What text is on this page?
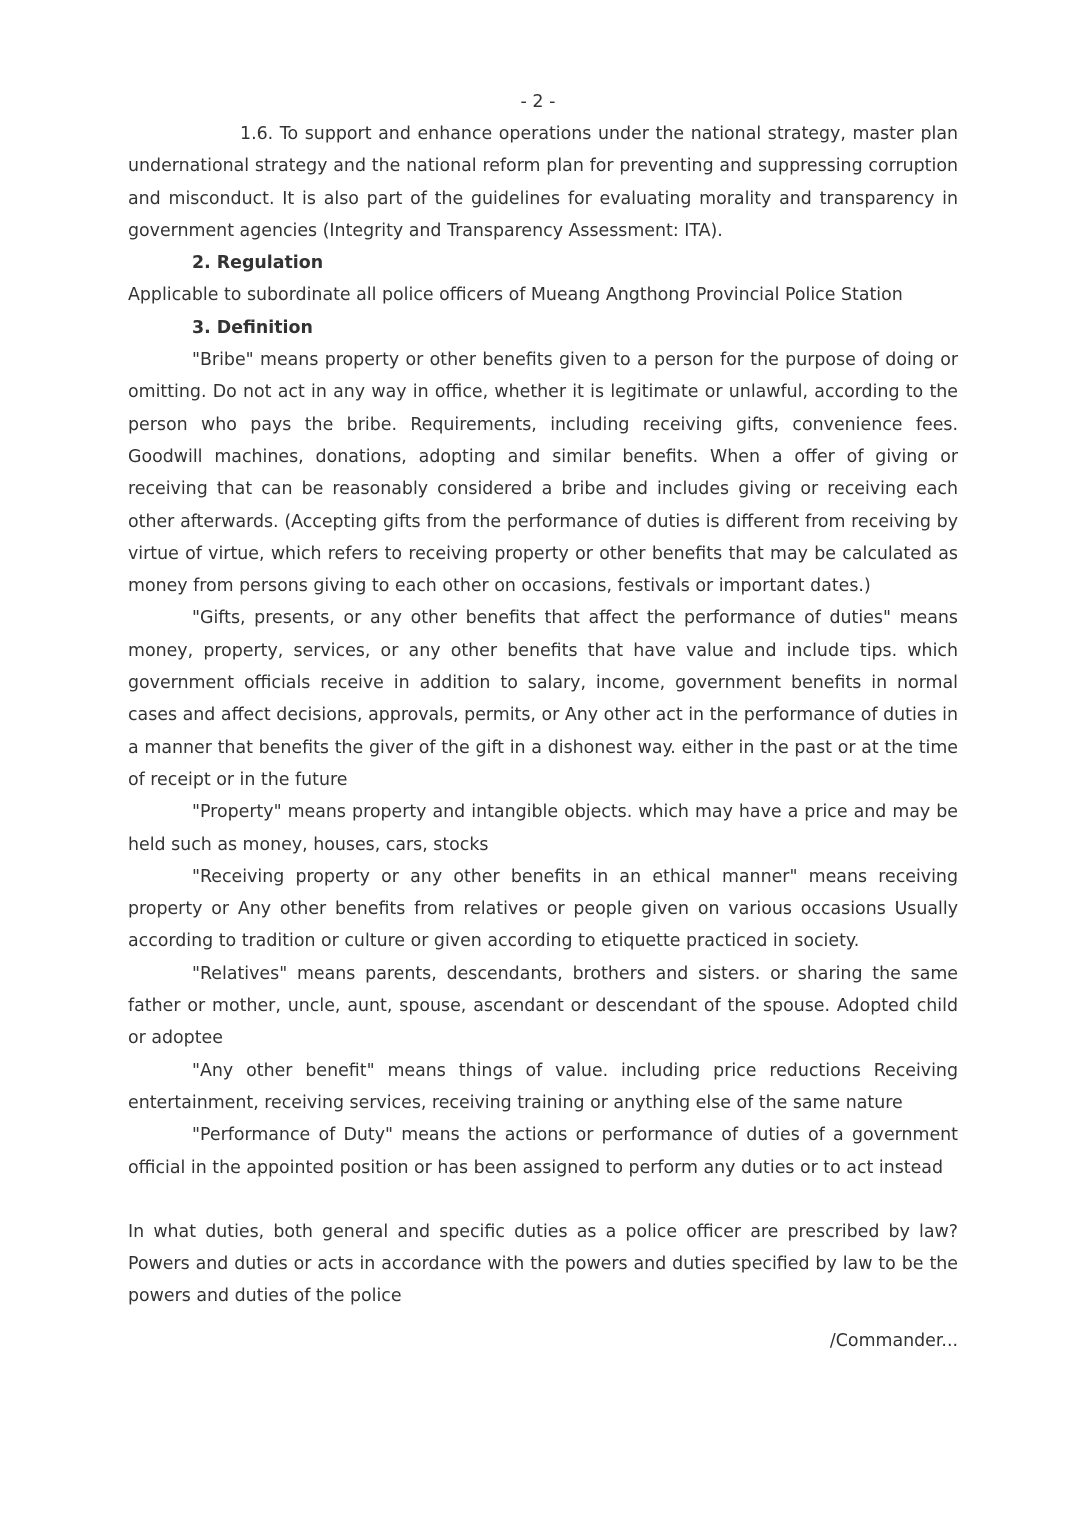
- 2 -

1.6. To support and enhance operations under the national strategy, master plan undernational strategy and the national reform plan for preventing and suppressing corruption and misconduct. It is also part of the guidelines for evaluating morality and transparency in government agencies (Integrity and Transparency Assessment: ITA).

2. Regulation

Applicable to subordinate all police officers of Mueang Angthong Provincial Police Station

3. Definition

"Bribe" means property or other benefits given to a person for the purpose of doing or omitting. Do not act in any way in office, whether it is legitimate or unlawful, according to the person who pays the bribe. Requirements, including receiving gifts, convenience fees. Goodwill machines, donations, adopting and similar benefits. When a offer of giving or receiving that can be reasonably considered a bribe and includes giving or receiving each other afterwards. (Accepting gifts from the performance of duties is different from receiving by virtue of virtue, which refers to receiving property or other benefits that may be calculated as money from persons giving to each other on occasions, festivals or important dates.)

"Gifts, presents, or any other benefits that affect the performance of duties" means money, property, services, or any other benefits that have value and include tips. which government officials receive in addition to salary, income, government benefits in normal cases and affect decisions, approvals, permits, or Any other act in the performance of duties in a manner that benefits the giver of the gift in a dishonest way. either in the past or at the time of receipt or in the future

"Property" means property and intangible objects. which may have a price and may be held such as money, houses, cars, stocks

"Receiving property or any other benefits in an ethical manner" means receiving property or Any other benefits from relatives or people given on various occasions Usually according to tradition or culture or given according to etiquette practiced in society.

"Relatives" means parents, descendants, brothers and sisters. or sharing the same father or mother, uncle, aunt, spouse, ascendant or descendant of the spouse. Adopted child or adoptee

"Any other benefit" means things of value. including price reductions Receiving entertainment, receiving services, receiving training or anything else of the same nature

"Performance of Duty" means the actions or performance of duties of a government official in the appointed position or has been assigned to perform any duties or to act instead

In what duties, both general and specific duties as a police officer are prescribed by law? Powers and duties or acts in accordance with the powers and duties specified by law to be the powers and duties of the police

/Commander...
